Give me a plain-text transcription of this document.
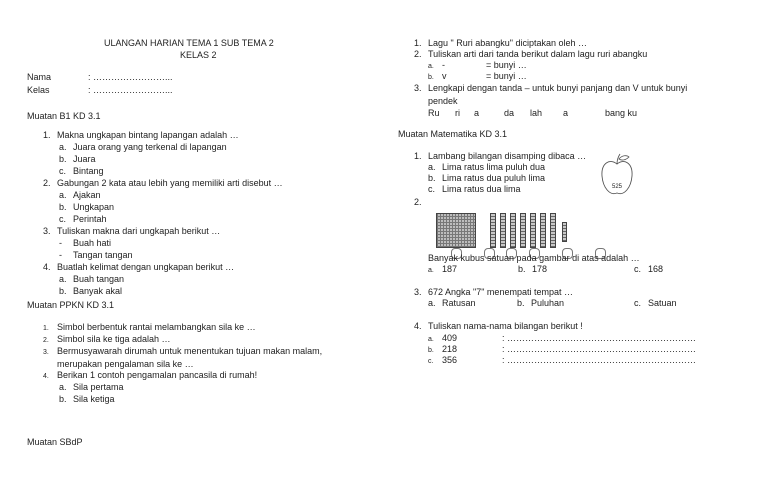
ULANGAN HARIAN TEMA 1 SUB TEMA 2
KELAS 2
Nama	: ……………………...
Kelas	: ……………………...
Muatan B1 KD 3.1
1. Makna ungkapan bintang lapangan adalah …
a. Juara orang yang terkenal di lapangan
b. Juara
c. Bintang
2. Gabungan 2 kata atau lebih yang memiliki arti disebut …
a. Ajakan
b. Ungkapan
c. Perintah
3. Tuliskan makna dari ungkapah berikut …
- Buah hati
- Tangan tangan
4. Buatlah kelimat dengan ungkapan berikut …
a. Buah tangan
b. Banyak akal
Muatan PPKN KD 3.1
1. Simbol berbentuk rantai melambangkan sila ke …
2. Simbol sila ke tiga adalah …
3. Bermusyawarah dirumah untuk menentukan tujuan makan malam,
merupakan pengalaman sila ke …
4. Berikan 1 contoh pengamalan pancasila di rumah!
a. Sila pertama
b. Sila ketiga
Muatan SBdP
1. Lagu " Ruri abangku" diciptakan oleh …
2. Tuliskan arti dari tanda berikut dalam lagu ruri abangku
a. -	= bunyi …
b. v	= bunyi …
3. Lengkapi dengan tanda – untuk bunyi panjang dan V untuk bunyi
pendek
Ru ri a	da lah a	bang ku
Muatan Matematika KD 3.1
1. Lambang bilangan disamping dibaca …
a. Lima ratus lima puluh dua
b. Lima ratus dua puluh lima
c. Lima ratus dua lima	525
2.
Banyak kubus satuan pada gambar di atas adalah …
a. 187	b. 178	c. 168
3. 672 Angka "7" menempati tempat …
a. Ratusan	b. Puluhan	c. Satuan
4. Tuliskan nama-nama bilangan berikut !
a. 409	: ………………………………………………………
b. 218	: ………………………………………………………
c. 356	: ………………………………………………………
